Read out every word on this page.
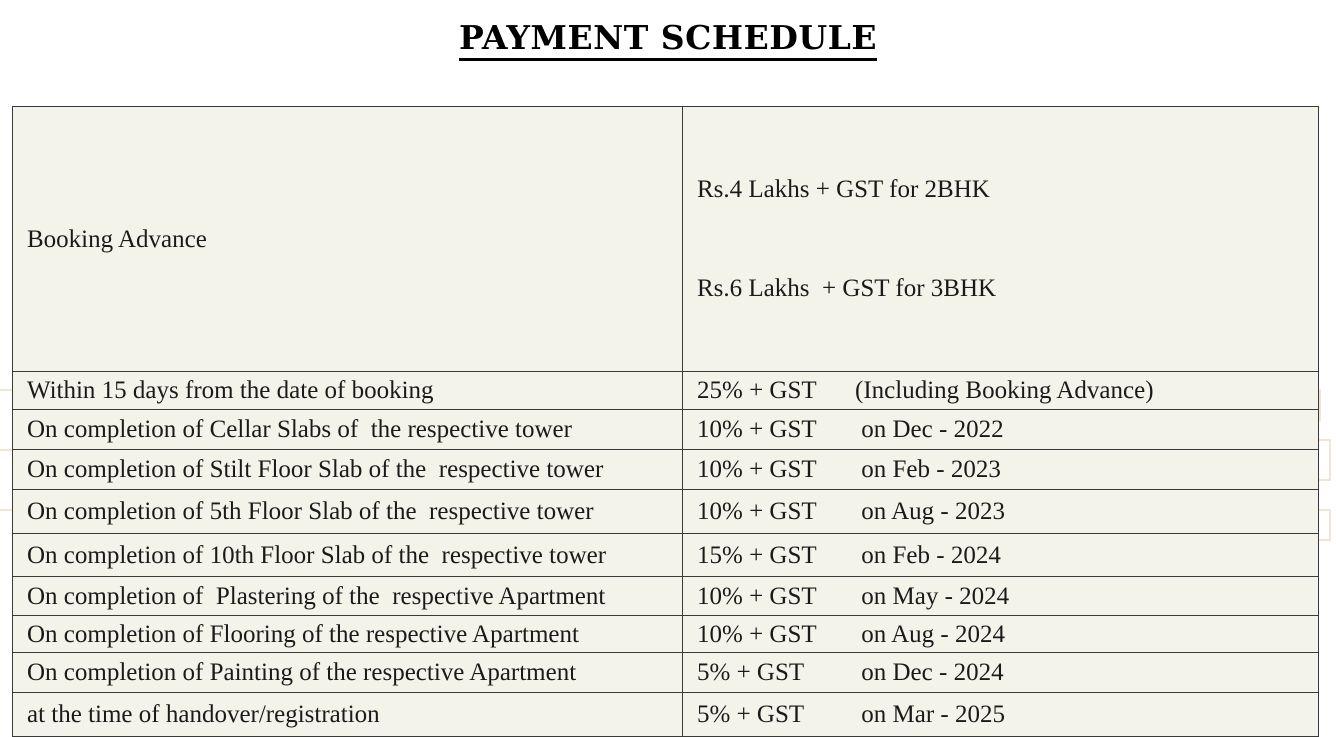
PAYMENT SCHEDULE
Booking Advance	Rs.4 Lakhs + GST for 2BHK

Rs.6 Lakhs  + GST for 3BHK

Within 15 days from the date of booking	25% + GST (Including Booking Advance)
On completion of Cellar Slabs of  the respective tower	10% + GST on Dec - 2022
On completion of Stilt Floor Slab of the  respective tower	10% + GST on Feb - 2023
On completion of 5th Floor Slab of the  respective tower	10% + GST on Aug - 2023
On completion of 10th Floor Slab of the  respective tower	15% + GST on Feb - 2024
On completion of  Plastering of the  respective Apartment	10% + GST on May - 2024
On completion of Flooring of the respective Apartment	10% + GST on Aug - 2024
On completion of Painting of the respective Apartment	5% + GST on Dec - 2024
at the time of handover/registration	5% + GST on Mar - 2025
